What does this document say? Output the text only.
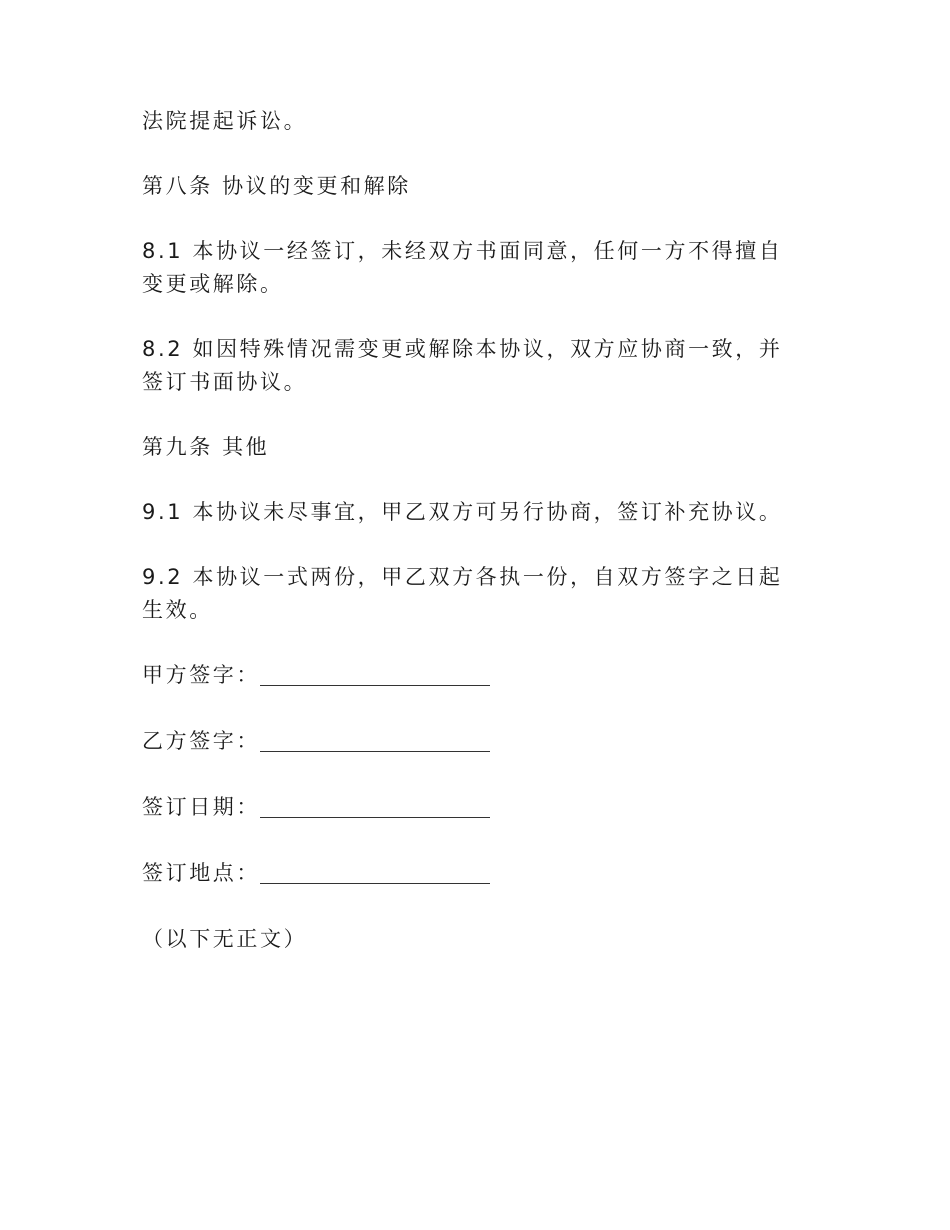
法院提起诉讼。

第八条 协议的变更和解除

8.1 本协议一经签订，未经双方书面同意，任何一方不得擅自变更或解除。

8.2 如因特殊情况需变更或解除本协议，双方应协商一致，并签订书面协议。

第九条 其他

9.1 本协议未尽事宜，甲乙双方可另行协商，签订补充协议。

9.2 本协议一式两份，甲乙双方各执一份，自双方签字之日起生效。

甲方签字：

乙方签字：

签订日期：

签订地点：

（以下无正文）
